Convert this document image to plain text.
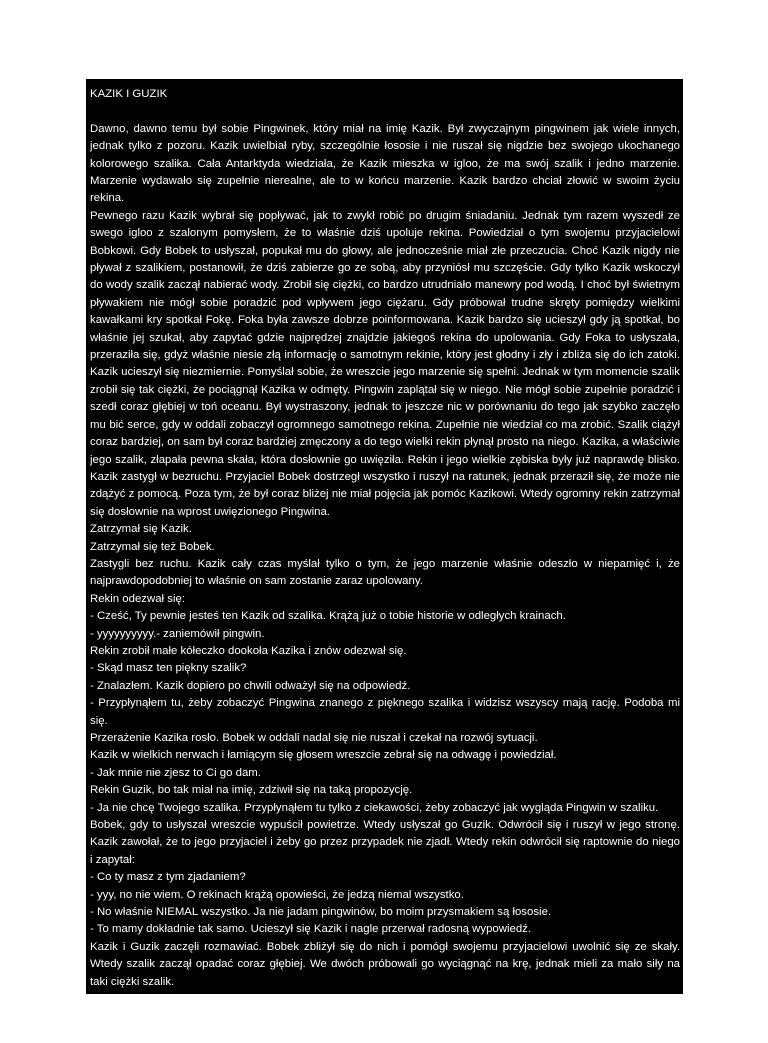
KAZIK I GUZIK

Dawno, dawno temu był sobie Pingwinek, który miał na imię Kazik. Był zwyczajnym pingwinem jak wiele innych, jednak tylko z pozoru. Kazik uwielbiał ryby, szczególnie łososie i nie ruszał się nigdzie bez swojego ukochanego kolorowego szalika. Cała Antarktyda wiedziała, że Kazik mieszka w igloo, że ma swój szalik i jedno marzenie. Marzenie wydawało się zupełnie nierealne, ale to w końcu marzenie. Kazik bardzo chciał złowić w swoim życiu rekina.

Pewnego razu Kazik wybrał się popływać, jak to zwykł robić po drugim śniadaniu. Jednak tym razem wyszedł ze swego igloo z szalonym pomysłem, że to właśnie dziś upoluje rekina. Powiedział o tym swojemu przyjacielowi Bobkowi. Gdy Bobek to usłyszał, popukał mu do głowy, ale jednocześnie miał złe przeczucia. Choć Kazik nigdy nie pływał z szalikiem, postanowił, że dziś zabierze go ze sobą, aby przyniósł mu szczęście. Gdy tylko Kazik wskoczył do wody szalik zaczął nabierać wody. Zrobił się ciężki, co bardzo utrudniało manewry pod wodą. I choć był świetnym pływakiem nie mógł sobie poradzić pod wpływem jego ciężaru. Gdy próbował trudne skręty pomiędzy wielkimi kawałkami kry spotkał Fokę. Foka była zawsze dobrze poinformowana. Kazik bardzo się ucieszył gdy ją spotkał, bo właśnie jej szukał, aby zapytać gdzie najprędzej znajdzie jakiegoś rekina do upolowania. Gdy Foka to usłyszała, przeraziła się, gdyż właśnie niesie złą informację o samotnym rekinie, który jest głodny i zły i zbliża się do ich zatoki. Kazik ucieszył się niezmiernie. Pomyślał sobie, że wreszcie jego marzenie się spełni. Jednak w tym momencie szalik zrobił się tak ciężki, że pociągnął Kazika w odmęty. Pingwin zaplątał się w niego. Nie mógł sobie zupełnie poradzić i szedł coraz głębiej w toń oceanu. Był wystraszony, jednak to jeszcze nic w porównaniu do tego jak szybko zaczęło mu bić serce, gdy w oddali zobaczył ogromnego samotnego rekina. Zupełnie nie wiedział co ma zrobić. Szalik ciążył coraz bardziej, on sam był coraz bardziej zmęczony a do tego wielki rekin płynął prosto na niego. Kazika, a właściwie jego szalik, złapała pewna skała, która dosłownie go uwięziła. Rekin i jego wielkie zębiska były już naprawdę blisko. Kazik zastygł w bezruchu. Przyjaciel Bobek dostrzegł wszystko i ruszył na ratunek, jednak przeraził się, że może nie zdążyć z pomocą. Poza tym, że był coraz bliżej nie miał pojęcia jak pomóc Kazikowi. Wtedy ogromny rekin zatrzymał się dosłownie na wprost uwięzionego Pingwina.

Zatrzymał się Kazik.

Zatrzymał się też Bobek.

Zastygli bez ruchu. Kazik cały czas myślał tylko o tym, że jego marzenie właśnie odeszło w niepamięć i, że najprawdopodobniej to właśnie on sam zostanie zaraz upolowany.

Rekin odezwał się:

- Cześć, Ty pewnie jesteś ten Kazik od szalika. Krążą już o tobie historie w odległych krainach.

- yyyyyyyyyy.- zaniemówił pingwin.

Rekin zrobił małe kółeczko dookoła Kazika i znów odezwał się.

- Skąd masz ten piękny szalik?

- Znalazłem. Kazik dopiero po chwili odważył się na odpowiedź.

- Przypłynąłem tu, żeby zobaczyć Pingwina znanego z pięknego szalika i widzisz wszyscy mają rację. Podoba mi się.

Przerażenie Kazika rosło. Bobek w oddali nadal się nie ruszał i czekał na rozwój sytuacji.

Kazik w wielkich nerwach i łamiącym się głosem wreszcie zebrał się na odwagę i powiedział.

- Jak mnie nie zjesz to Ci go dam.

Rekin Guzik, bo tak miał na imię, zdziwił się na taką propozycję.

- Ja nie chcę Twojego szalika. Przypłynąłem tu tylko z ciekawości, żeby zobaczyć jak wygląda Pingwin w szaliku.

Bobek, gdy to usłyszał wreszcie wypuścił powietrze. Wtedy usłyszał go Guzik. Odwrócił się i ruszył w jego stronę. Kazik zawołał, że to jego przyjaciel i żeby go przez przypadek nie zjadł. Wtedy rekin odwrócił się raptownie do niego i zapytał:

- Co ty masz z tym zjadaniem?

- yyy, no nie wiem. O rekinach krążą opowieści, że jedzą niemal wszystko.

- No właśnie NIEMAL wszystko. Ja nie jadam pingwinów, bo moim przysmakiem są łososie.

- To mamy dokładnie tak samo. Ucieszył się Kazik i nagle przerwał radosną wypowiedź.

Kazik i Guzik zaczęli rozmawiać. Bobek zbliżył się do nich i pomógł swojemu przyjacielowi uwolnić się ze skały. Wtedy szalik zaczął opadać coraz głębiej. We dwóch próbowali go wyciągnąć na krę, jednak mieli za mało siły na taki ciężki szalik.

Pingwin Kazik strasznie posmutniał. Rekin Guzik nie za bardzo wiedział o co chodzi. Podpłynął do odpływających pingwinów, które spisały już szalik na straty.

-Ej! Chłopaki co jest?
